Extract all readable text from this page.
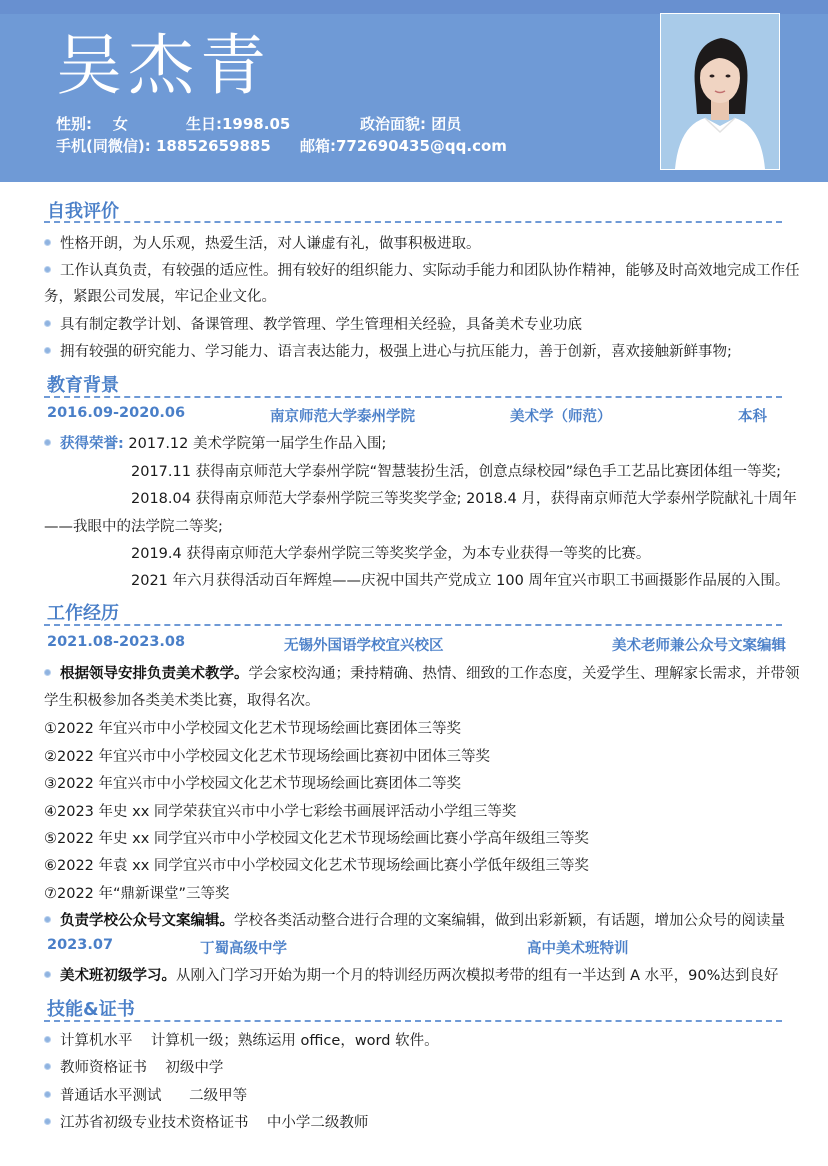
吴杰青
性别: 女	生日:1998.05	政治面貌: 团员
手机(同微信): 18852659885 邮箱:772690435@qq.com
自我评价
性格开朗，为人乐观，热爱生活，对人谦虚有礼，做事积极进取。
工作认真负责，有较强的适应性。拥有较好的组织能力、实际动手能力和团队协作精神，能够及时高效地完成工作任
务，紧跟公司发展，牢记企业文化。
具有制定教学计划、备课管理、教学管理、学生管理相关经验，具备美术专业功底
拥有较强的研究能力、学习能力、语言表达能力，极强上进心与抗压能力，善于创新，喜欢接触新鲜事物;
教育背景
2016.09-2020.06	南京师范大学泰州学院	美术学（师范）	本科
获得荣誉: 2017.12 美术学院第一届学生作品入围;
2017.11 获得南京师范大学泰州学院“智慧装扮生活，创意点绿校园”绿色手工艺品比赛团体组一等奖;
2018.04 获得南京师范大学泰州学院三等奖奖学金; 2018.4 月，获得南京师范大学泰州学院献礼十周年
——我眼中的法学院二等奖;
2019.4 获得南京师范大学泰州学院三等奖奖学金，为本专业获得一等奖的比赛。
2021 年六月获得活动百年辉煌——庆祝中国共产党成立 100 周年宜兴市职工书画摄影作品展的入围。
工作经历
2021.08-2023.08	无锡外国语学校宜兴校区	美术老师兼公众号文案编辑
根据领导安排负责美术教学。学会家校沟通；秉持精确、热情、细致的工作态度，关爱学生、理解家长需求，并带领
学生积极参加各类美术类比赛，取得名次。
①2022 年宜兴市中小学校园文化艺术节现场绘画比赛团体三等奖
②2022 年宜兴市中小学校园文化艺术节现场绘画比赛初中团体三等奖
③2022 年宜兴市中小学校园文化艺术节现场绘画比赛团体二等奖
④2023 年史 xx 同学荣获宜兴市中小学七彩绘书画展评活动小学组三等奖
⑤2022 年史 xx 同学宜兴市中小学校园文化艺术节现场绘画比赛小学高年级组三等奖
⑥2022 年袁 xx 同学宜兴市中小学校园文化艺术节现场绘画比赛小学低年级组三等奖
⑦2022 年“鼎新课堂”三等奖
负责学校公众号文案编辑。学校各类活动整合进行合理的文案编辑，做到出彩新颖，有话题，增加公众号的阅读量
2023.07	丁蜀高级中学	高中美术班特训
美术班初级学习。从刚入门学习开始为期一个月的特训经历两次模拟考带的组有一半达到 A 水平，90%达到良好
技能&证书
计算机水平    计算机一级；熟练运用 office，word 软件。
教师资格证书    初级中学
普通话水平测试      二级甲等
江苏省初级专业技术资格证书    中小学二级教师
